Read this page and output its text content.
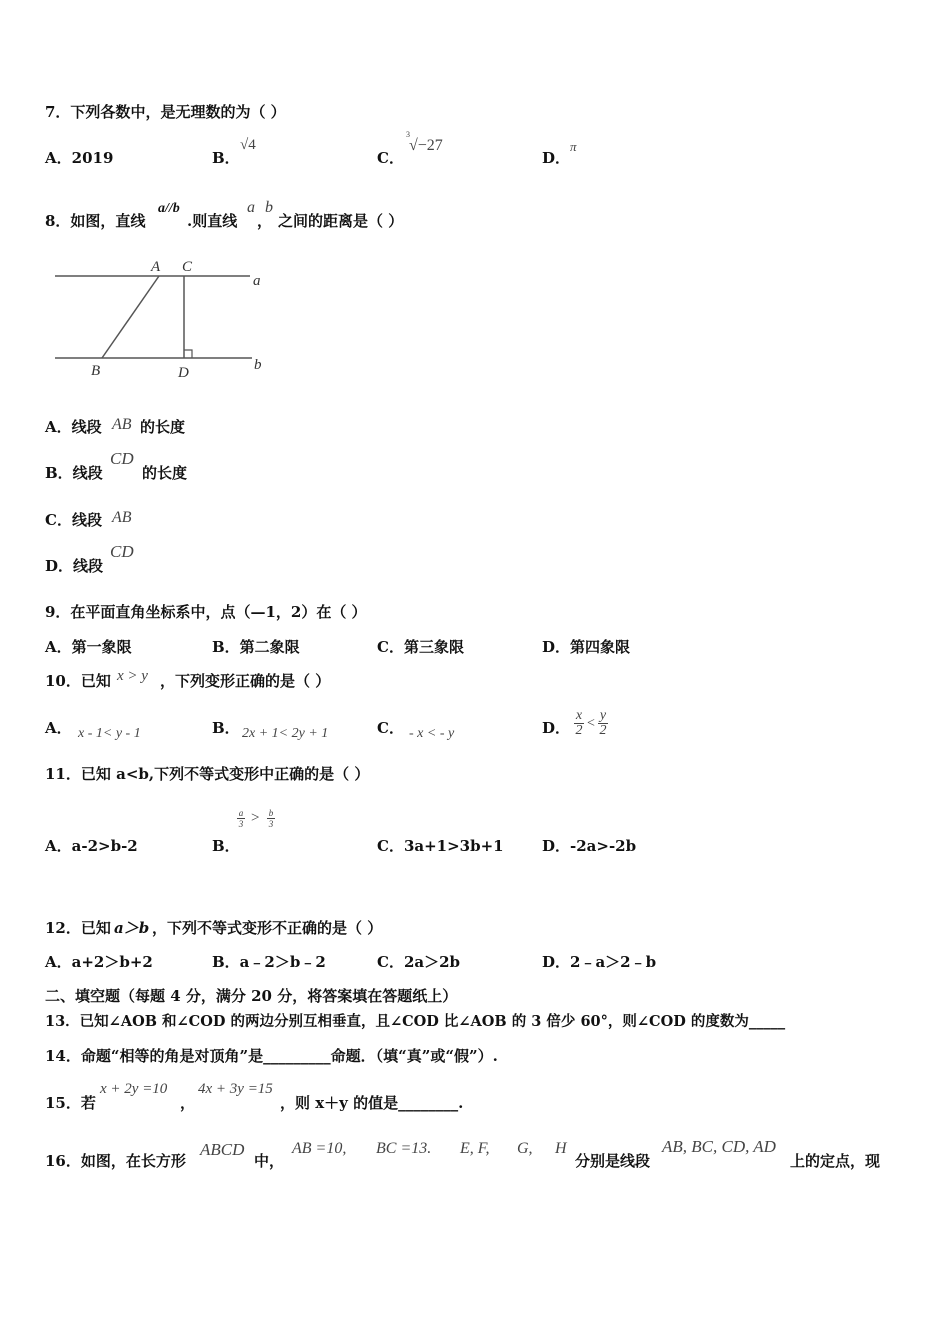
7．下列各数中，是无理数的为（ ）
A．2019	B．
√4
C．
3
√−27
D．
π
8．如图，直线
a//b
.则直线
a
，
b
之间的距离是（ ）
A C
a
B	D	b
A．线段 AB 的长度
B．线段
CD
的长度
C．线段 AB
D．线段
CD
9．在平面直角坐标系中，点（—1，2）在（ ）
A．第一象限	B．第二象限	C．第三象限	D．第四象限
10．已知 x > y ，下列变形正确的是（ ）
A． x - 1< y - 1	B． 2x + 1< 2y + 1	C． - x < - y	D． $\frac{x}{2} < \frac{y}{2}$
11．已知 a<b,下列不等式变形中正确的是（ ）
A．a-2>b-2	B．
$\frac{a}{3} > \frac{b}{3}$
C．3a+1>3b+1	D．-2a>-2b
12．已知 a＞b ，下列不等式变形不正确的是（ ）
A．a+2＞b+2	B．a﹣2＞b﹣2	C．2a＞2b	D．2﹣a＞2﹣b
二、填空题（每题 4 分，满分 20 分，将答案填在答题纸上）
13．已知∠AOB 和∠COD 的两边分别互相垂直，且∠COD 比∠AOB 的 3 倍少 60°，则∠COD 的度数为_____
14．命题“相等的角是对顶角”是_________命题．（填“真”或“假”）.
15．若
x + 2y =10
，
4x + 3y =15
，则 x＋y 的值是________.
16．如图，在长方形
ABCD
中，
AB =10, BC =13. E, F, G, H
分别是线段
AB, BC, CD, AD
上的定点，现
